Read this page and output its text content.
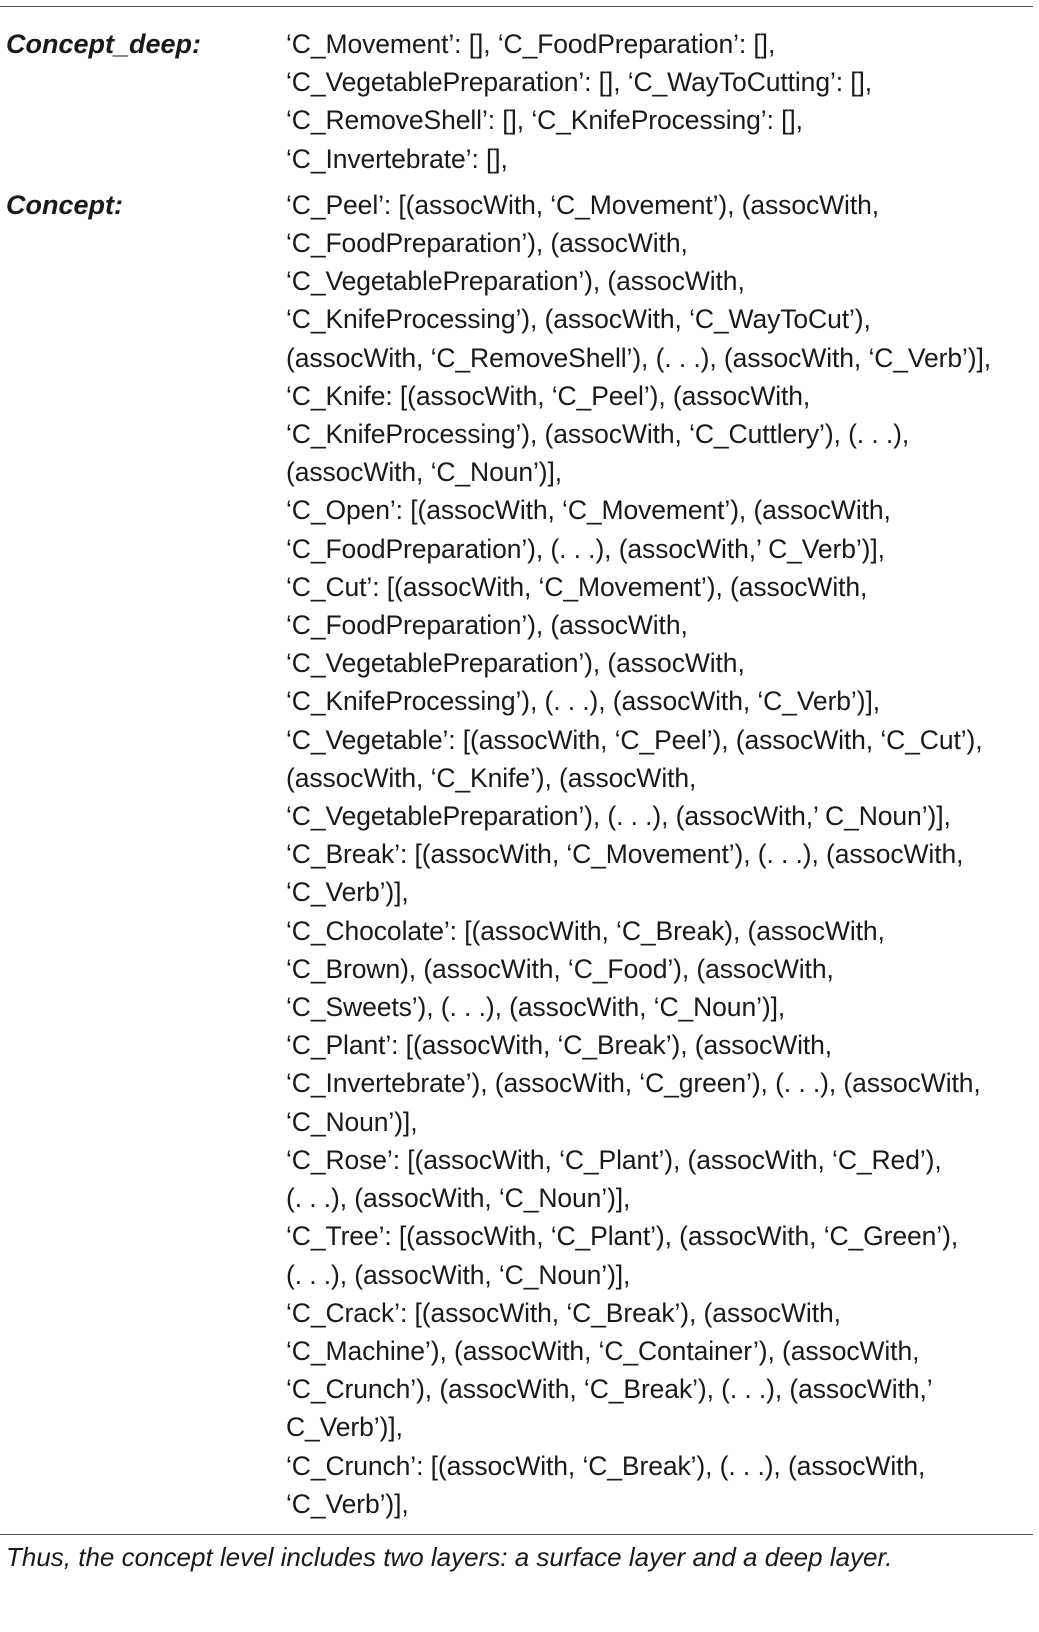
Concept_deep:	‘C_Movement’: [], ‘C_FoodPreparation’: [],
‘C_VegetablePreparation’: [], ‘C_WayToCutting’: [],
‘C_RemoveShell’: [], ‘C_KnifeProcessing’: [],
‘C_Invertebrate’: [],
Concept:	‘C_Peel’: [(assocWith, ‘C_Movement’), (assocWith,
‘C_FoodPreparation’), (assocWith,
‘C_VegetablePreparation’), (assocWith,
‘C_KnifeProcessing’), (assocWith, ‘C_WayToCut’),
(assocWith, ‘C_RemoveShell’), (. . .), (assocWith, ‘C_Verb’)],
‘C_Knife: [(assocWith, ‘C_Peel’), (assocWith,
‘C_KnifeProcessing’), (assocWith, ‘C_Cuttlery’), (. . .),
(assocWith, ‘C_Noun’)],
‘C_Open’: [(assocWith, ‘C_Movement’), (assocWith,
‘C_FoodPreparation’), (. . .), (assocWith,’ C_Verb’)],
‘C_Cut’: [(assocWith, ‘C_Movement’), (assocWith,
‘C_FoodPreparation’), (assocWith,
‘C_VegetablePreparation’), (assocWith,
‘C_KnifeProcessing’), (. . .), (assocWith, ‘C_Verb’)],
‘C_Vegetable’: [(assocWith, ‘C_Peel’), (assocWith, ‘C_Cut’),
(assocWith, ‘C_Knife’), (assocWith,
‘C_VegetablePreparation’), (. . .), (assocWith,’ C_Noun’)],
‘C_Break’: [(assocWith, ‘C_Movement’), (. . .), (assocWith,
‘C_Verb’)],
‘C_Chocolate’: [(assocWith, ‘C_Break), (assocWith,
‘C_Brown), (assocWith, ‘C_Food’), (assocWith,
‘C_Sweets’), (. . .), (assocWith, ‘C_Noun’)],
‘C_Plant’: [(assocWith, ‘C_Break’), (assocWith,
‘C_Invertebrate’), (assocWith, ‘C_green’), (. . .), (assocWith,
‘C_Noun’)],
‘C_Rose’: [(assocWith, ‘C_Plant’), (assocWith, ‘C_Red’),
(. . .), (assocWith, ‘C_Noun’)],
‘C_Tree’: [(assocWith, ‘C_Plant’), (assocWith, ‘C_Green’),
(. . .), (assocWith, ‘C_Noun’)],
‘C_Crack’: [(assocWith, ‘C_Break’), (assocWith,
‘C_Machine’), (assocWith, ‘C_Container’), (assocWith,
‘C_Crunch’), (assocWith, ‘C_Break’), (. . .), (assocWith,’
C_Verb’)],
‘C_Crunch’: [(assocWith, ‘C_Break’), (. . .), (assocWith,
‘C_Verb’)],
Thus, the concept level includes two layers: a surface layer and a deep layer.
